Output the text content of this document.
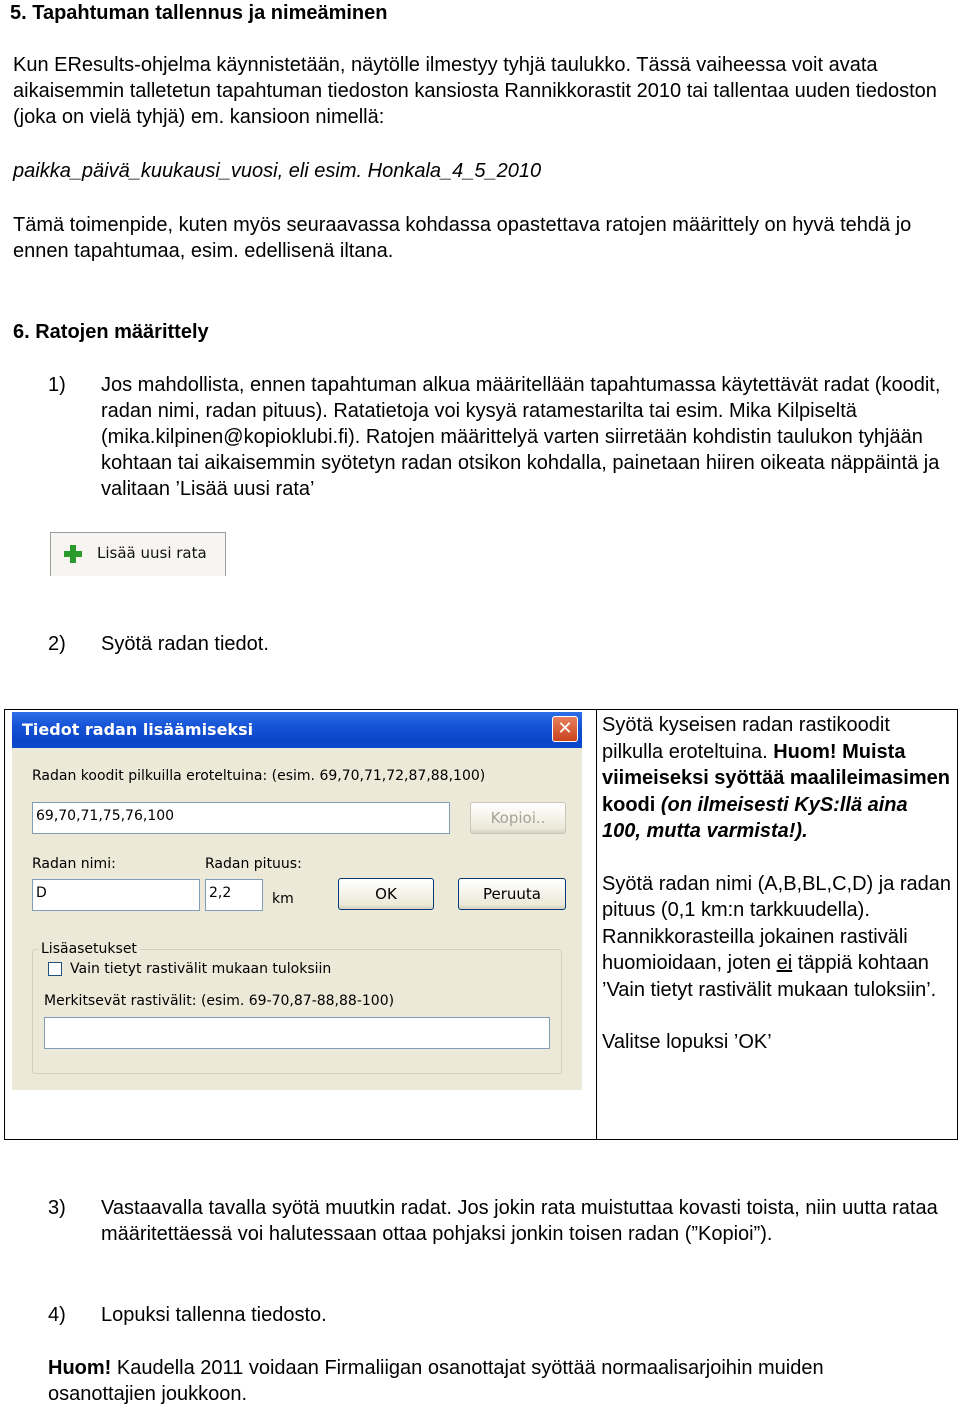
5. Tapahtuman tallennus ja nimeäminen
Kun EResults-ohjelma käynnistetään, näytölle ilmestyy tyhjä taulukko. Tässä vaiheessa voit avata aikaisemmin talletetun tapahtuman tiedoston kansiosta Rannikkorastit 2010 tai tallentaa uuden tiedoston (joka on vielä tyhjä) em. kansioon nimellä:
paikka_päivä_kuukausi_vuosi, eli esim. Honkala_4_5_2010
Tämä toimenpide, kuten myös seuraavassa kohdassa opastettava ratojen määrittely on hyvä tehdä jo ennen tapahtumaa, esim. edellisenä iltana.
6. Ratojen määrittely
1) Jos mahdollista, ennen tapahtuman alkua määritellään tapahtumassa käytettävät radat (koodit, radan nimi, radan pituus). Ratatietoja voi kysyä ratamestarilta tai esim. Mika Kilpiseltä (mika.kilpinen@kopioklubi.fi). Ratojen määrittelyä varten siirretään kohdistin taulukon tyhjään kohtaan tai aikaisemmin syötetyn radan otsikon kohdalla, painetaan hiiren oikeata näppäintä ja valitaan ’Lisää uusi rata’
Lisää uusi rata
2) Syötä radan tiedot.
Tiedot radan lisäämiseksi	✕
Radan koodit pilkuilla eroteltuina: (esim. 69,70,71,72,87,88,100)
69,70,71,75,76,100	Kopioi..
Radan nimi:
D
Radan pituus:
2,2	km	OK	Peruuta
Lisäasetukset
Vain tietyt rastivälit mukaan tuloksiin
Merkitsevät rastivälit: (esim. 69-70,87-88,88-100)
Syötä kyseisen radan rastikoodit pilkulla eroteltuina. Huom! Muista viimeiseksi syöttää maalileimasimen koodi (on ilmeisesti KyS:llä aina 100, mutta varmista!).
Syötä radan nimi (A,B,BL,C,D) ja radan pituus (0,1 km:n tarkkuudella).
Rannikkorasteilla jokainen rastiväli huomioidaan, joten ei täppiä kohtaan ’Vain tietyt rastivälit mukaan tuloksiin’.
Valitse lopuksi ’OK’
3) Vastaavalla tavalla syötä muutkin radat. Jos jokin rata muistuttaa kovasti toista, niin uutta rataa määritettäessä voi halutessaan ottaa pohjaksi jonkin toisen radan (”Kopioi”).
4) Lopuksi tallenna tiedosto.
Huom! Kaudella 2011 voidaan Firmaliigan osanottajat syöttää normaalisarjoihin muiden osanottajien joukkoon.
